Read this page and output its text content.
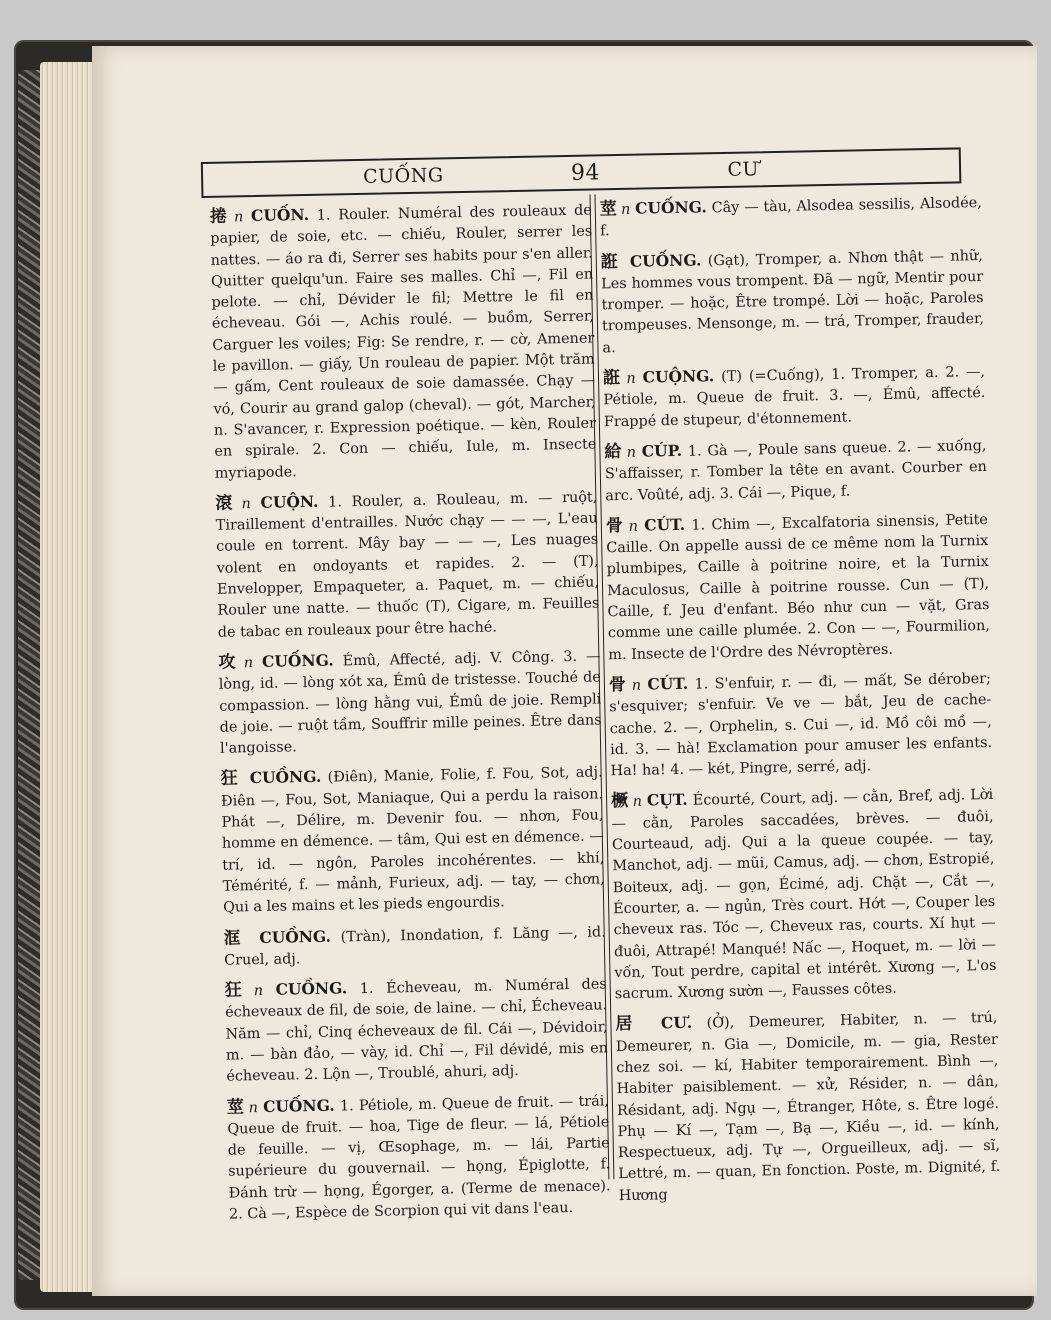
CUỐNG	94	CƯ

捲 n CUỐN. 1. Rouler. Numéral des rouleaux de papier, de soie, etc. — chiếu, Rouler, serrer les nattes. — áo ra đi, Serrer ses habits pour s'en aller. Quitter quelqu'un. Faire ses malles. Chỉ —, Fil en pelote. — chỉ, Dévider le fil; Mettre le fil en écheveau. Gói —, Achis roulé. — buồm, Serrer, Carguer les voiles; Fig: Se rendre, r. — cờ, Amener le pavillon. — giấy, Un rouleau de papier. Một trăm — gấm, Cent rouleaux de soie damassée. Chạy — vó, Courir au grand galop (cheval). — gót, Marcher, n. S'avancer, r. Expression poétique. — kèn, Rouler en spirale. 2. Con — chiếu, Iule, m. Insecte myriapode.

滾 n CUỘN. 1. Rouler, a. Rouleau, m. — ruột, Tiraillement d'entrailles. Nước chạy — — —, L'eau coule en torrent. Mây bay — — —, Les nuages volent en ondoyants et rapides. 2. — (T), Envelopper, Empaqueter, a. Paquet, m. — chiếu, Rouler une natte. — thuốc (T), Cigare, m. Feuilles de tabac en rouleaux pour être haché.

攻 n CUỐNG. Émû, Affecté, adj. V. Công. 3. — lòng, id. — lòng xót xa, Émû de tristesse. Touché de compassion. — lòng hằng vui, Émû de joie. Rempli de joie. — ruột tầm, Souffrir mille peines. Être dans l'angoisse.

狂 CUỒNG. (Điên), Manie, Folie, f. Fou, Sot, adj. Điên —, Fou, Sot, Maniaque, Qui a perdu la raison. Phát —, Délire, m. Devenir fou. — nhơn, Fou, homme en démence. — tâm, Qui est en démence. — trí, id. — ngôn, Paroles incohérentes. — khí, Témérité, f. — mảnh, Furieux, adj. — tay, — chơn, Qui a les mains et les pieds engourdis.

洭 CUỒNG. (Tràn), Inondation, f. Lăng —, id. Cruel, adj.

狂 n CUỒNG. 1. Écheveau, m. Numéral des écheveaux de fil, de soie, de laine. — chỉ, Écheveau. Năm — chỉ, Cinq écheveaux de fil. Cái —, Dévidoir, m. — bàn đảo, — vày, id. Chỉ —, Fil dévidé, mis en écheveau. 2. Lộn —, Troublé, ahuri, adj.

莖 n CUỐNG. 1. Pétiole, m. Queue de fruit. — trái, Queue de fruit. — hoa, Tige de fleur. — lá, Pétiole de feuille. — vị, Œsophage, m. — lái, Partie supérieure du gouvernail. — họng, Épiglotte, f. Đánh trừ — họng, Égorger, a. (Terme de menace). 2. Cà —, Espèce de Scorpion qui vit dans l'eau.

莖 n CUỐNG. Cây — tàu, Alsodea sessilis, Alsodée, f.

誑 CUỐNG. (Gạt), Tromper, a. Nhơn thật — nhữ, Les hommes vous trompent. Đã — ngữ, Mentir pour tromper. — hoặc, Être trompé. Lời — hoặc, Paroles trompeuses. Mensonge, m. — trá, Tromper, frauder, a.

誑 n CUỘNG. (T) (=Cuống), 1. Tromper, a. 2. —, Pétiole, m. Queue de fruit. 3. —, Émû, affecté. Frappé de stupeur, d'étonnement.

給 n CÚP. 1. Gà —, Poule sans queue. 2. — xuống, S'affaisser, r. Tomber la tête en avant. Courber en arc. Voûté, adj. 3. Cái —, Pique, f.

骨 n CÚT. 1. Chim —, Excalfatoria sinensis, Petite Caille. On appelle aussi de ce même nom la Turnix plumbipes, Caille à poitrine noire, et la Turnix Maculosus, Caille à poitrine rousse. Cun — (T), Caille, f. Jeu d'enfant. Béo như cun — vặt, Gras comme une caille plumée. 2. Con — —, Fourmilion, m. Insecte de l'Ordre des Névroptères.

骨 n CÚT. 1. S'enfuir, r. — đi, — mất, Se dérober; s'esquiver; s'enfuir. Ve ve — bắt, Jeu de cache-cache. 2. —, Orphelin, s. Cui —, id. Mồ côi mồ —, id. 3. — hà! Exclamation pour amuser les enfants. Ha! ha! 4. — két, Pingre, serré, adj.

橛 n CỤT. Écourté, Court, adj. — cằn, Bref, adj. Lời — cằn, Paroles saccadées, brèves. — đuôi, Courteaud, adj. Qui a la queue coupée. — tay, Manchot, adj. — mũi, Camus, adj. — chơn, Estropié, Boiteux, adj. — gọn, Écimé, adj. Chặt —, Cắt —, Écourter, a. — ngủn, Très court. Hớt —, Couper les cheveux ras. Tóc —, Cheveux ras, courts. Xí hụt — đuôi, Attrapé! Manqué! Nấc —, Hoquet, m. — lời — vốn, Tout perdre, capital et intérêt. Xương —, L'os sacrum. Xương sườn —, Fausses côtes.

居 CƯ. (Ở), Demeurer, Habiter, n. — trú, Demeurer, n. Gia —, Domicile, m. — gia, Rester chez soi. — kí, Habiter temporairement. Bình —, Habiter paisiblement. — xử, Résider, n. — dân, Résidant, adj. Ngụ —, Étranger, Hôte, s. Être logé. Phụ — Kí —, Tạm —, Bạ —, Kiều —, id. — kính, Respectueux, adj. Tự —, Orgueilleux, adj. — sĩ, Lettré, m. — quan, En fonction. Poste, m. Dignité, f. Hương
